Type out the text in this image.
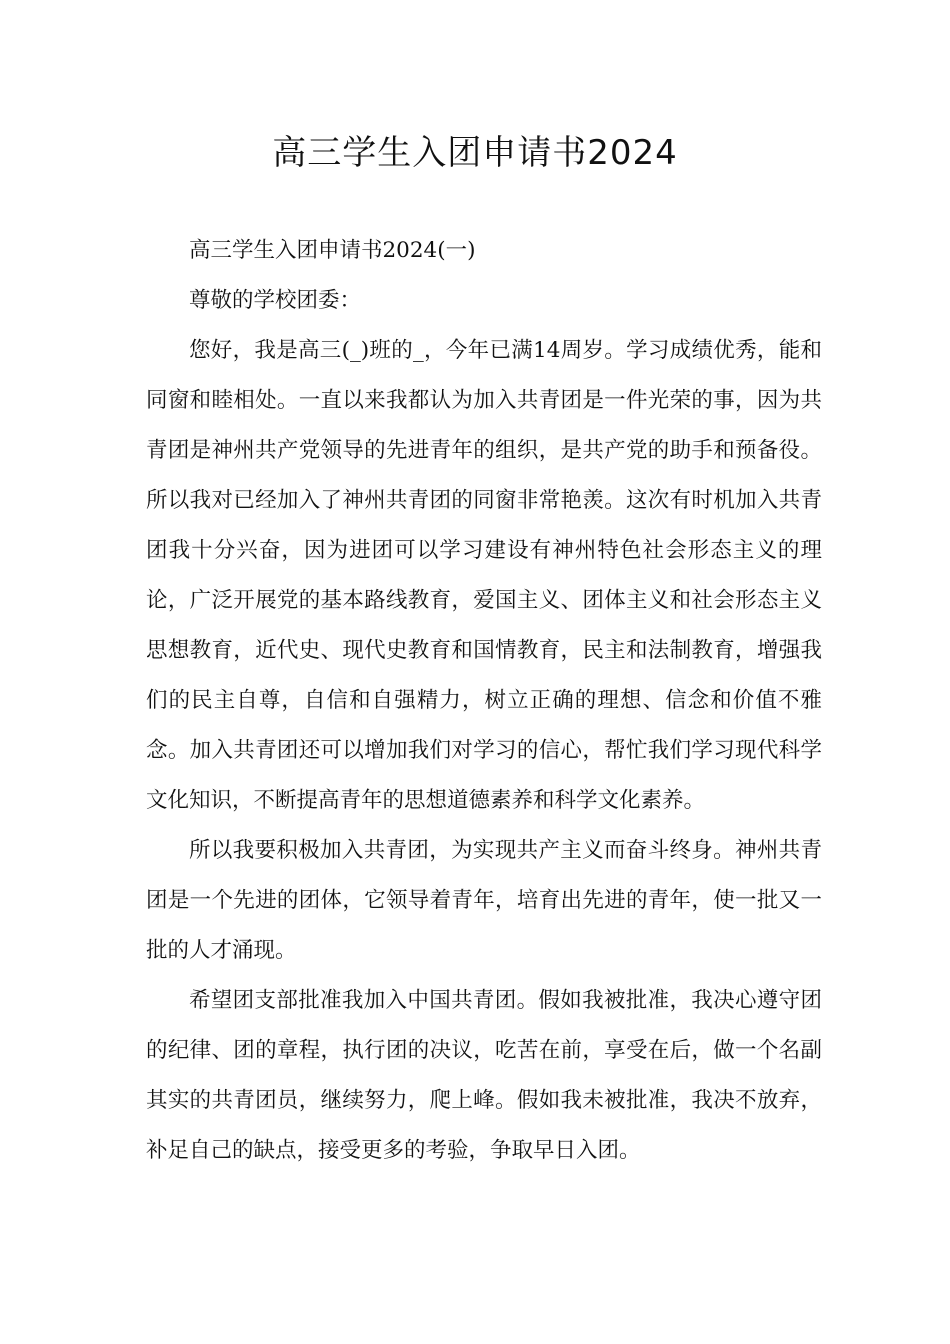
高三学生入团申请书2024

高三学生入团申请书2024(一)

尊敬的学校团委：

您好，我是高三(_)班的_，今年已满14周岁。学习成绩优秀，能和同窗和睦相处。一直以来我都认为加入共青团是一件光荣的事，因为共青团是神州共产党领导的先进青年的组织，是共产党的助手和预备役。所以我对已经加入了神州共青团的同窗非常艳羡。这次有时机加入共青团我十分兴奋，因为进团可以学习建设有神州特色社会形态主义的理论，广泛开展党的基本路线教育，爱国主义、团体主义和社会形态主义思想教育，近代史、现代史教育和国情教育，民主和法制教育，增强我们的民主自尊，自信和自强精力，树立正确的理想、信念和价值不雅念。加入共青团还可以增加我们对学习的信心，帮忙我们学习现代科学文化知识，不断提高青年的思想道德素养和科学文化素养。

所以我要积极加入共青团，为实现共产主义而奋斗终身。神州共青团是一个先进的团体，它领导着青年，培育出先进的青年，使一批又一批的人才涌现。

希望团支部批准我加入中国共青团。假如我被批准，我决心遵守团的纪律、团的章程，执行团的决议，吃苦在前，享受在后，做一个名副其实的共青团员，继续努力，爬上峰。假如我未被批准，我决不放弃，补足自己的缺点，接受更多的考验，争取早日入团。
